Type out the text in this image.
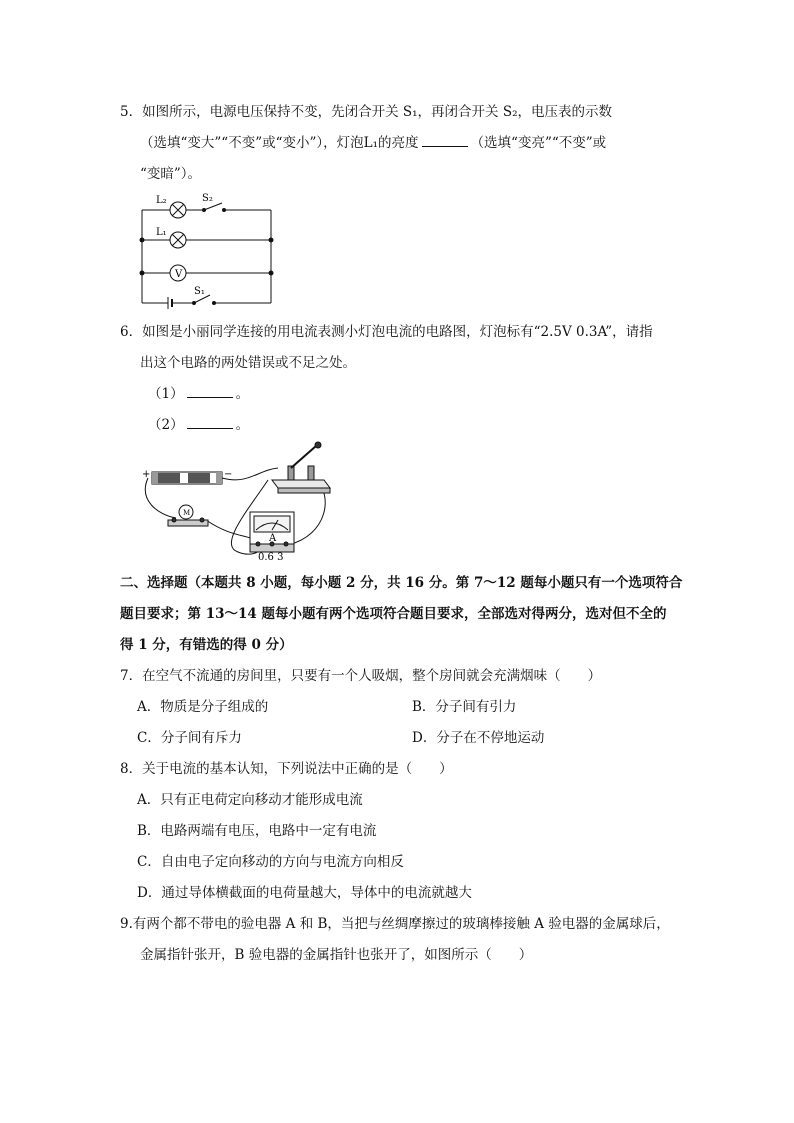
5．如图所示，电源电压保持不变，先闭合开关 S₁，再闭合开关 S₂，电压表的示数
（选填“变大”“不变”或“变小”），灯泡L₁的亮度	（选填“变亮”“不变”或
“变暗”）。
L₂	S₂
L₁
V
S₁
6．如图是小丽同学连接的用电流表测小灯泡电流的电路图，灯泡标有“2.5V 0.3A”，请指
出这个电路的两处错误或不足之处。
（1）	。
（2）	。
+	−
M
A
0.6 3
二、选择题（本题共 8 小题，每小题 2 分，共 16 分。第 7～12 题每小题只有一个选项符合
题目要求；第 13～14 题每小题有两个选项符合题目要求，全部选对得两分，选对但不全的
得 1 分，有错选的得 0 分）
7．在空气不流通的房间里，只要有一个人吸烟，整个房间就会充满烟味（　　）
A．物质是分子组成的	B．分子间有引力
C．分子间有斥力	D．分子在不停地运动
8．关于电流的基本认知，下列说法中正确的是（　　）
A．只有正电荷定向移动才能形成电流
B．电路两端有电压，电路中一定有电流
C．自由电子定向移动的方向与电流方向相反
D．通过导体横截面的电荷量越大，导体中的电流就越大
9.有两个都不带电的验电器 A 和 B，当把与丝绸摩擦过的玻璃棒接触 A 验电器的金属球后，
金属指针张开，B 验电器的金属指针也张开了，如图所示（　　）
